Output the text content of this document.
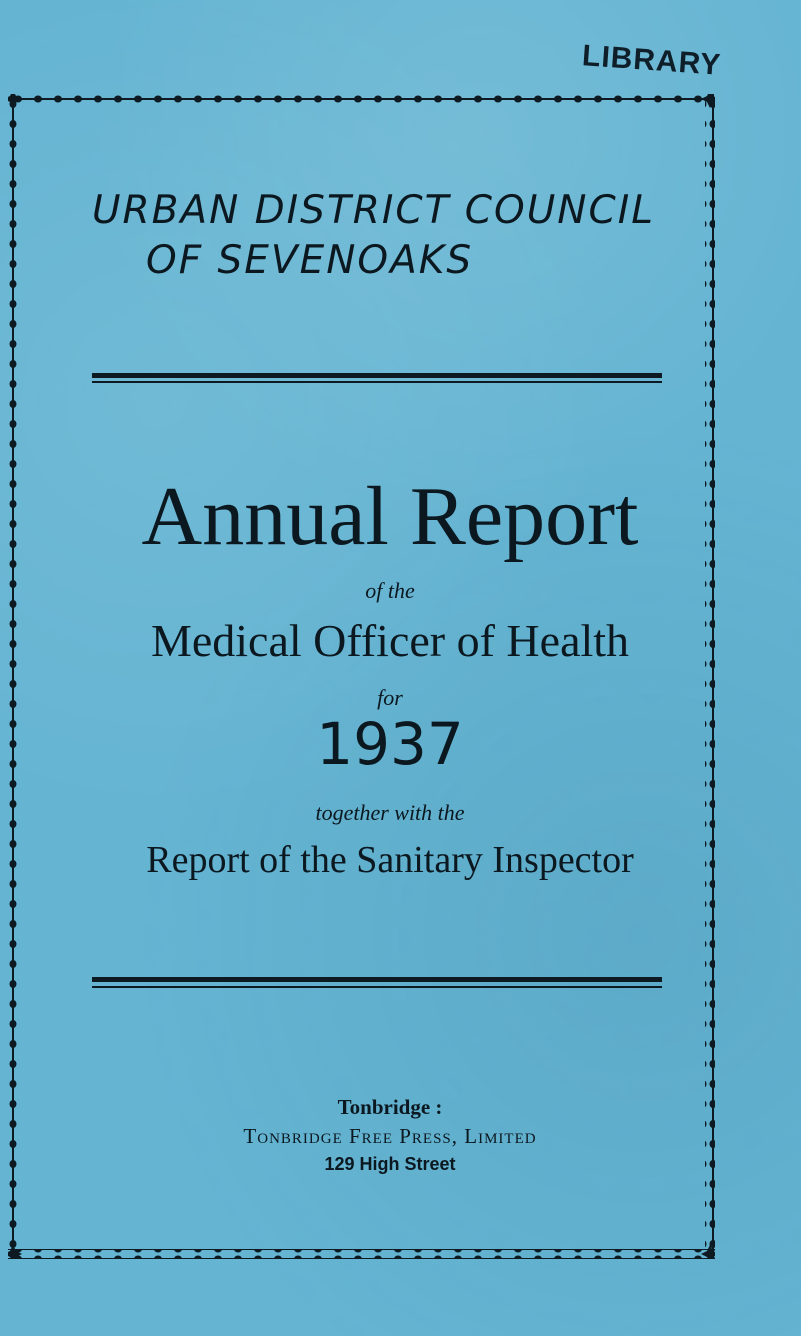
LIBRARY
URBAN DISTRICT COUNCIL
OF SEVENOAKS
Annual Report
of the
Medical Officer of Health
for
1937
together with the
Report of the Sanitary Inspector
Tonbridge :
Tonbridge Free Press, Limited
129 High Street
